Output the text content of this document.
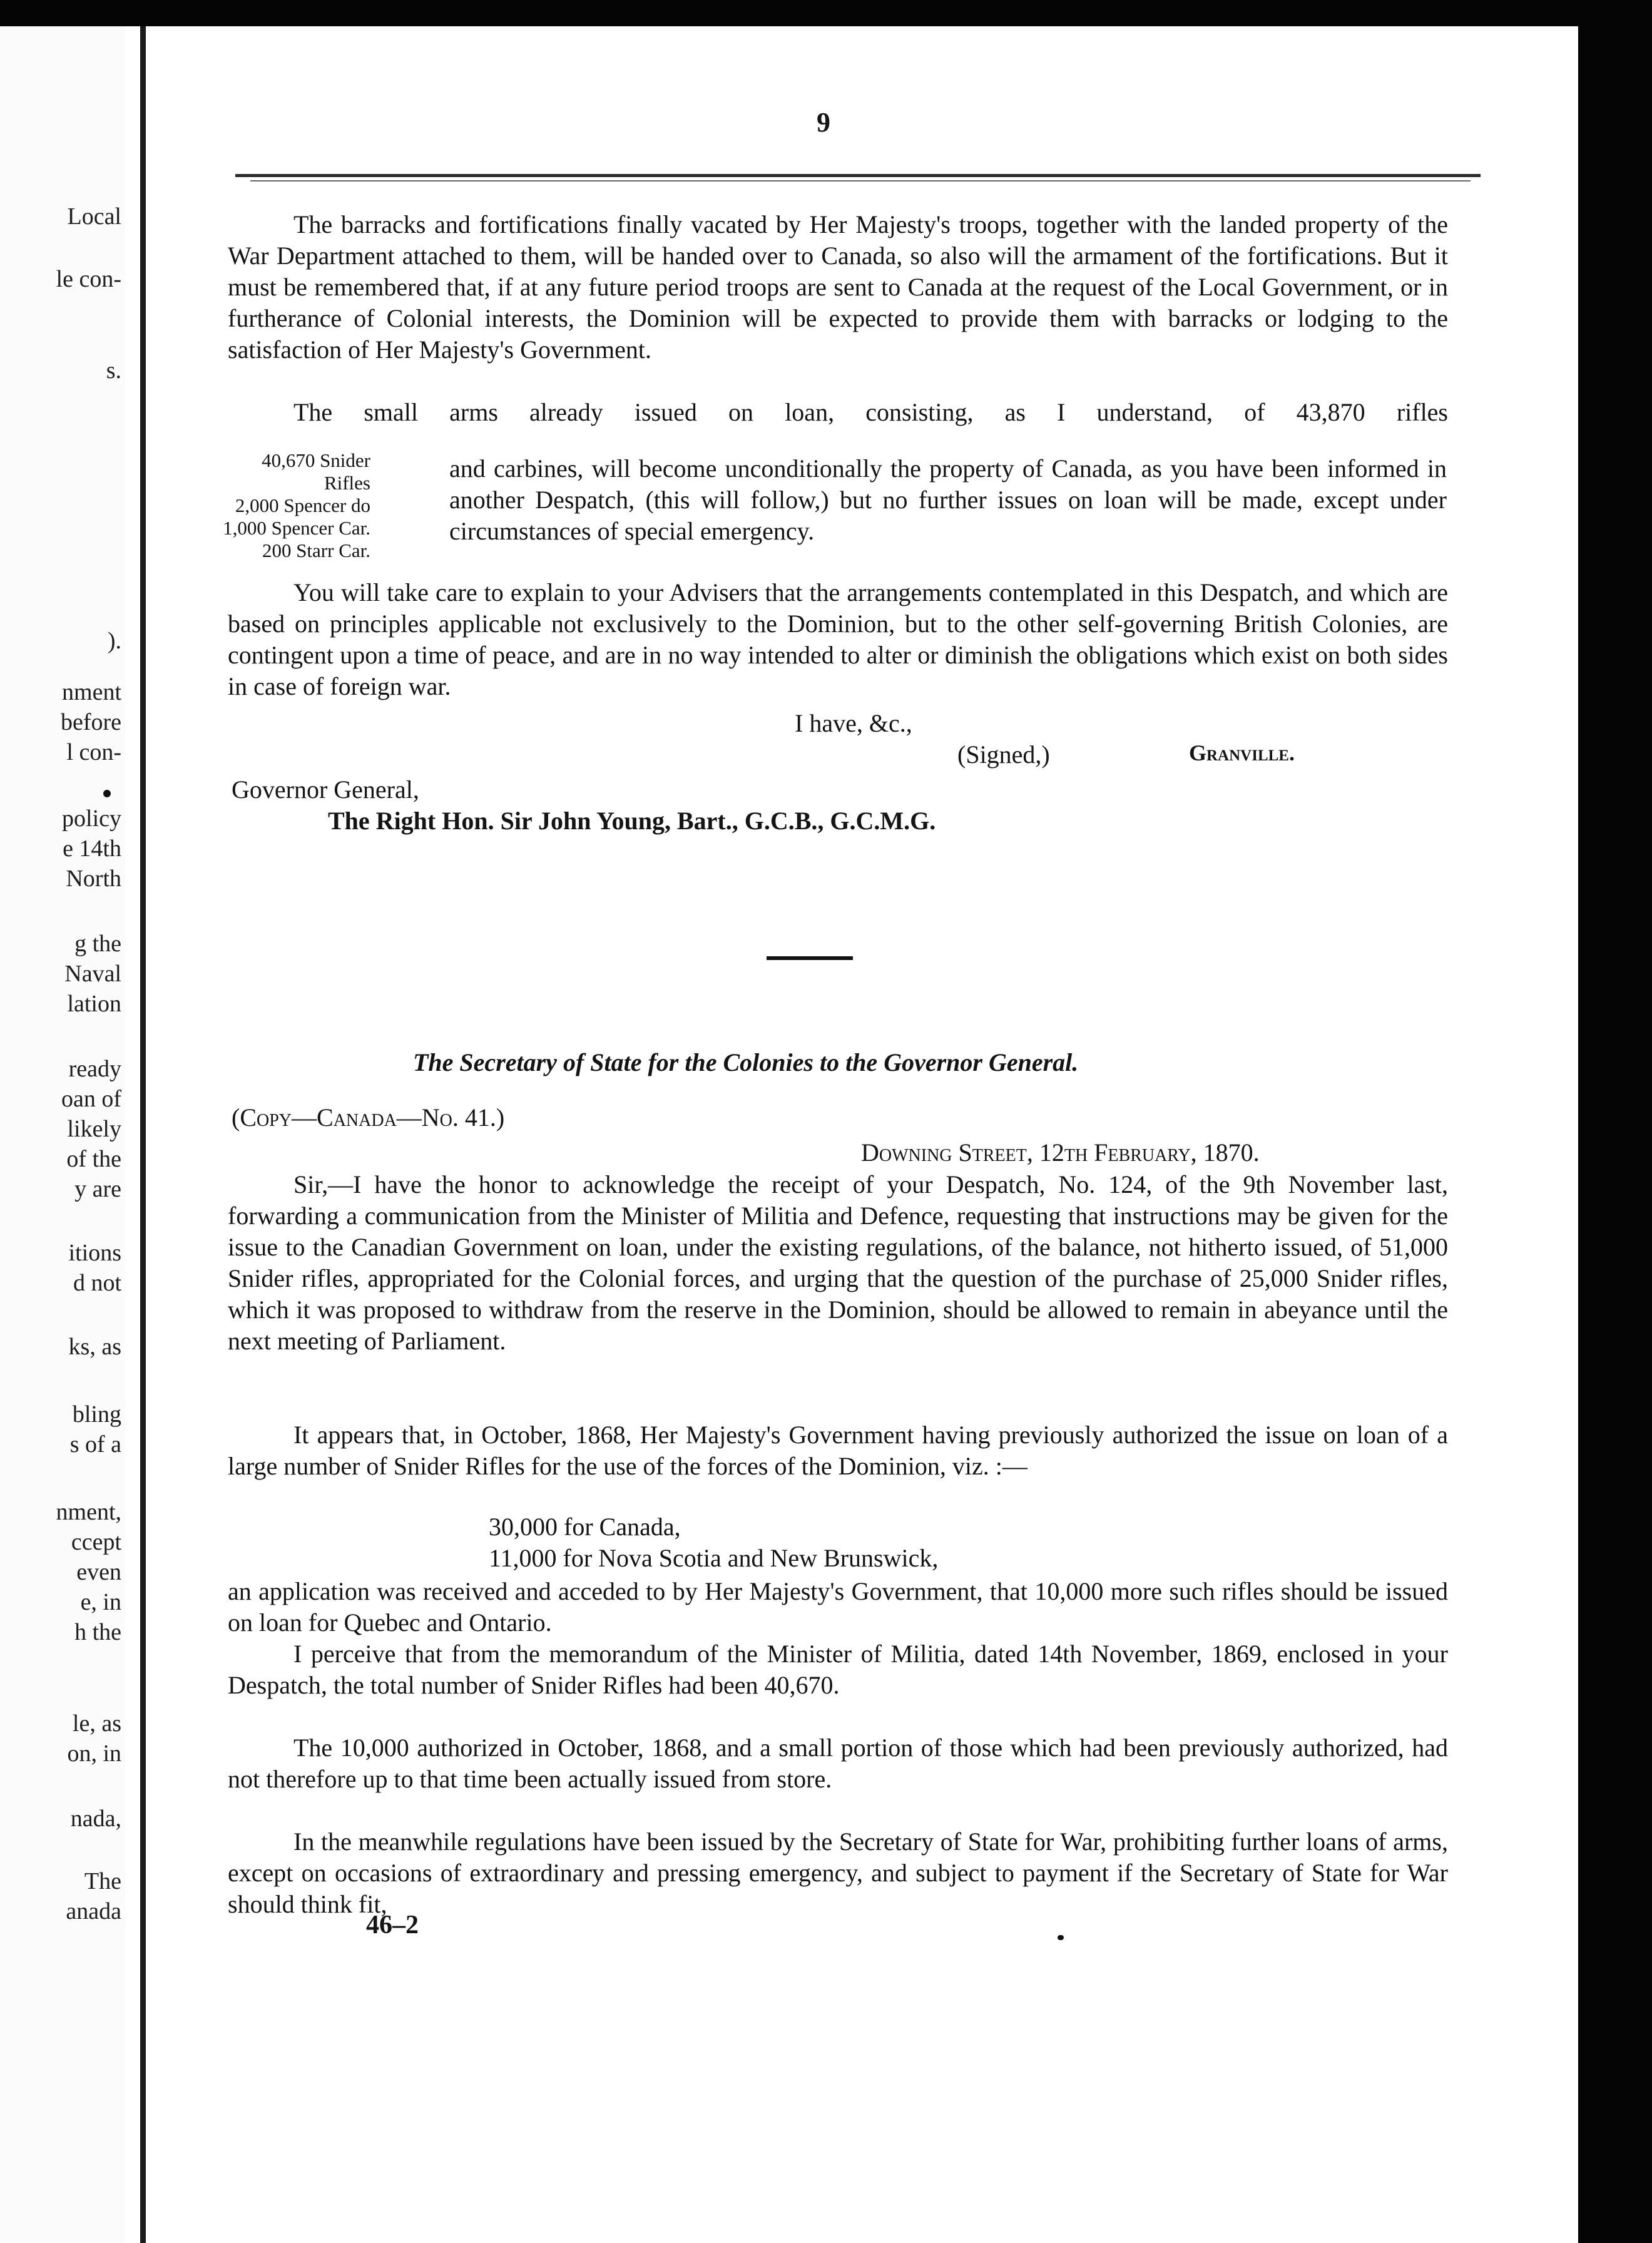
Local
le con-
s.
).
nment
before
l con-
policy
e 14th
North
g the
Naval
lation
ready
oan of
likely
of the
y are
itions
d not
ks, as
bling
s of a
nment,
ccept
even
e, in
h the
le, as
on, in
nada,
The
anada
9

The barracks and fortifications finally vacated by Her Majesty's troops, together with the landed property of the War Department attached to them, will be handed over to Canada, so also will the armament of the fortifications. But it must be remembered that, if at any future period troops are sent to Canada at the request of the Local Government, or in furtherance of Colonial interests, the Dominion will be expected to provide them with barracks or lodging to the satisfaction of Her Majesty's Government.

The small arms already issued on loan, consisting, as I understand, of 43,870 rifles

40,670 Snider Rifles
2,000 Spencer do
1,000 Spencer Car.
200 Starr Car.
and carbines, will become unconditionally the property of Canada, as you have been informed in another Despatch, (this will follow,) but no further issues on loan will be made, except under circumstances of special emergency.

You will take care to explain to your Advisers that the arrangements contemplated in this Despatch, and which are based on principles applicable not exclusively to the Dominion, but to the other self-governing British Colonies, are contingent upon a time of peace, and are in no way intended to alter or diminish the obligations which exist on both sides in case of foreign war.

I have, &c.,
(Signed,)	Granville.
Governor General,
The Right Hon. Sir John Young, Bart., G.C.B., G.C.M.G.
The Secretary of State for the Colonies to the Governor General.
(Copy—Canada—No. 41.)
Downing Street, 12th February, 1870.

Sir,—I have the honor to acknowledge the receipt of your Despatch, No. 124, of the 9th November last, forwarding a communication from the Minister of Militia and Defence, requesting that instructions may be given for the issue to the Canadian Government on loan, under the existing regulations, of the balance, not hitherto issued, of 51,000 Snider rifles, appropriated for the Colonial forces, and urging that the question of the purchase of 25,000 Snider rifles, which it was proposed to withdraw from the reserve in the Dominion, should be allowed to remain in abeyance until the next meeting of Parliament.

It appears that, in October, 1868, Her Majesty's Government having previously authorized the issue on loan of a large number of Snider Rifles for the use of the forces of the Dominion, viz. :—

30,000 for Canada,
11,000 for Nova Scotia and New Brunswick,

an application was received and acceded to by Her Majesty's Government, that 10,000 more such rifles should be issued on loan for Quebec and Ontario.

I perceive that from the memorandum of the Minister of Militia, dated 14th November, 1869, enclosed in your Despatch, the total number of Snider Rifles had been 40,670.

The 10,000 authorized in October, 1868, and a small portion of those which had been previously authorized, had not therefore up to that time been actually issued from store.

In the meanwhile regulations have been issued by the Secretary of State for War, prohibiting further loans of arms, except on occasions of extraordinary and pressing emergency, and subject to payment if the Secretary of State for War should think fit,

46–2
